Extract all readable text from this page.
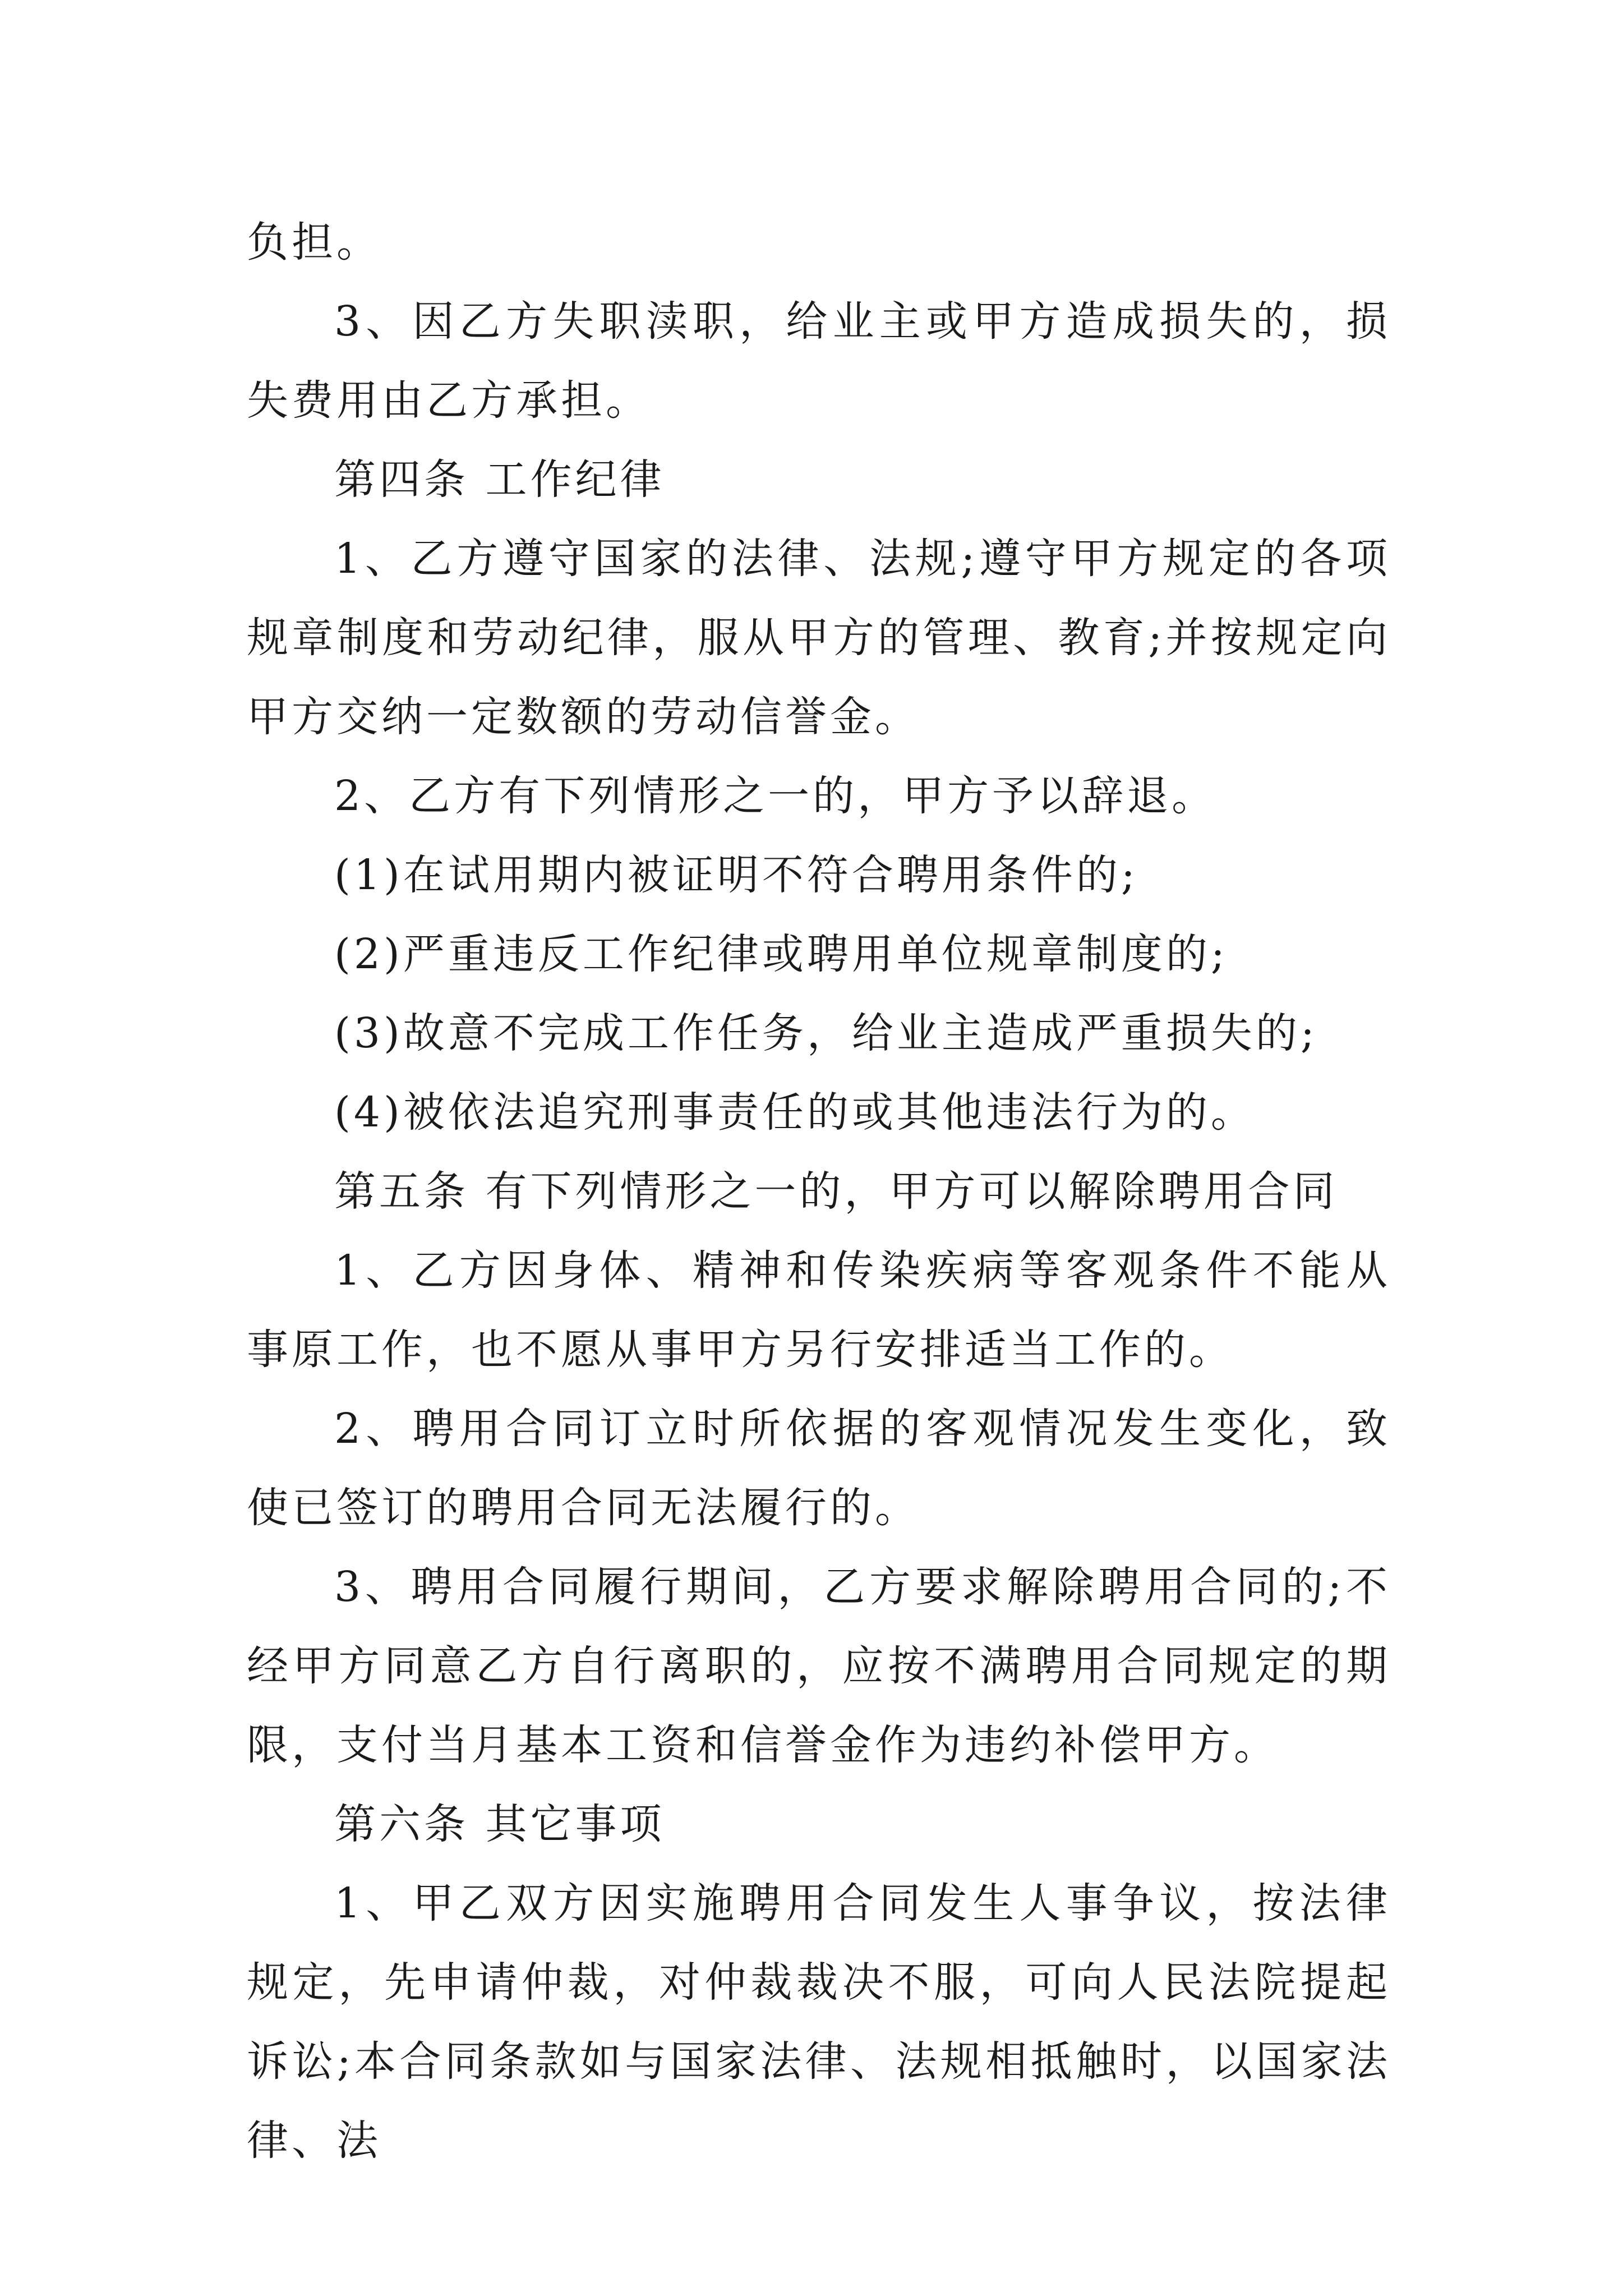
负担。

3、因乙方失职渎职，给业主或甲方造成损失的，损失费用由乙方承担。

第四条 工作纪律

1、乙方遵守国家的法律、法规;遵守甲方规定的各项规章制度和劳动纪律，服从甲方的管理、教育;并按规定向甲方交纳一定数额的劳动信誉金。

2、乙方有下列情形之一的，甲方予以辞退。

(1)在试用期内被证明不符合聘用条件的;

(2)严重违反工作纪律或聘用单位规章制度的;

(3)故意不完成工作任务，给业主造成严重损失的;

(4)被依法追究刑事责任的或其他违法行为的。

第五条 有下列情形之一的，甲方可以解除聘用合同

1、乙方因身体、精神和传染疾病等客观条件不能从事原工作，也不愿从事甲方另行安排适当工作的。

2、聘用合同订立时所依据的客观情况发生变化，致使已签订的聘用合同无法履行的。

3、聘用合同履行期间，乙方要求解除聘用合同的;不经甲方同意乙方自行离职的，应按不满聘用合同规定的期限，支付当月基本工资和信誉金作为违约补偿甲方。

第六条 其它事项

1、甲乙双方因实施聘用合同发生人事争议，按法律规定，先申请仲裁，对仲裁裁决不服，可向人民法院提起诉讼;本合同条款如与国家法律、法规相抵触时，以国家法律、法
